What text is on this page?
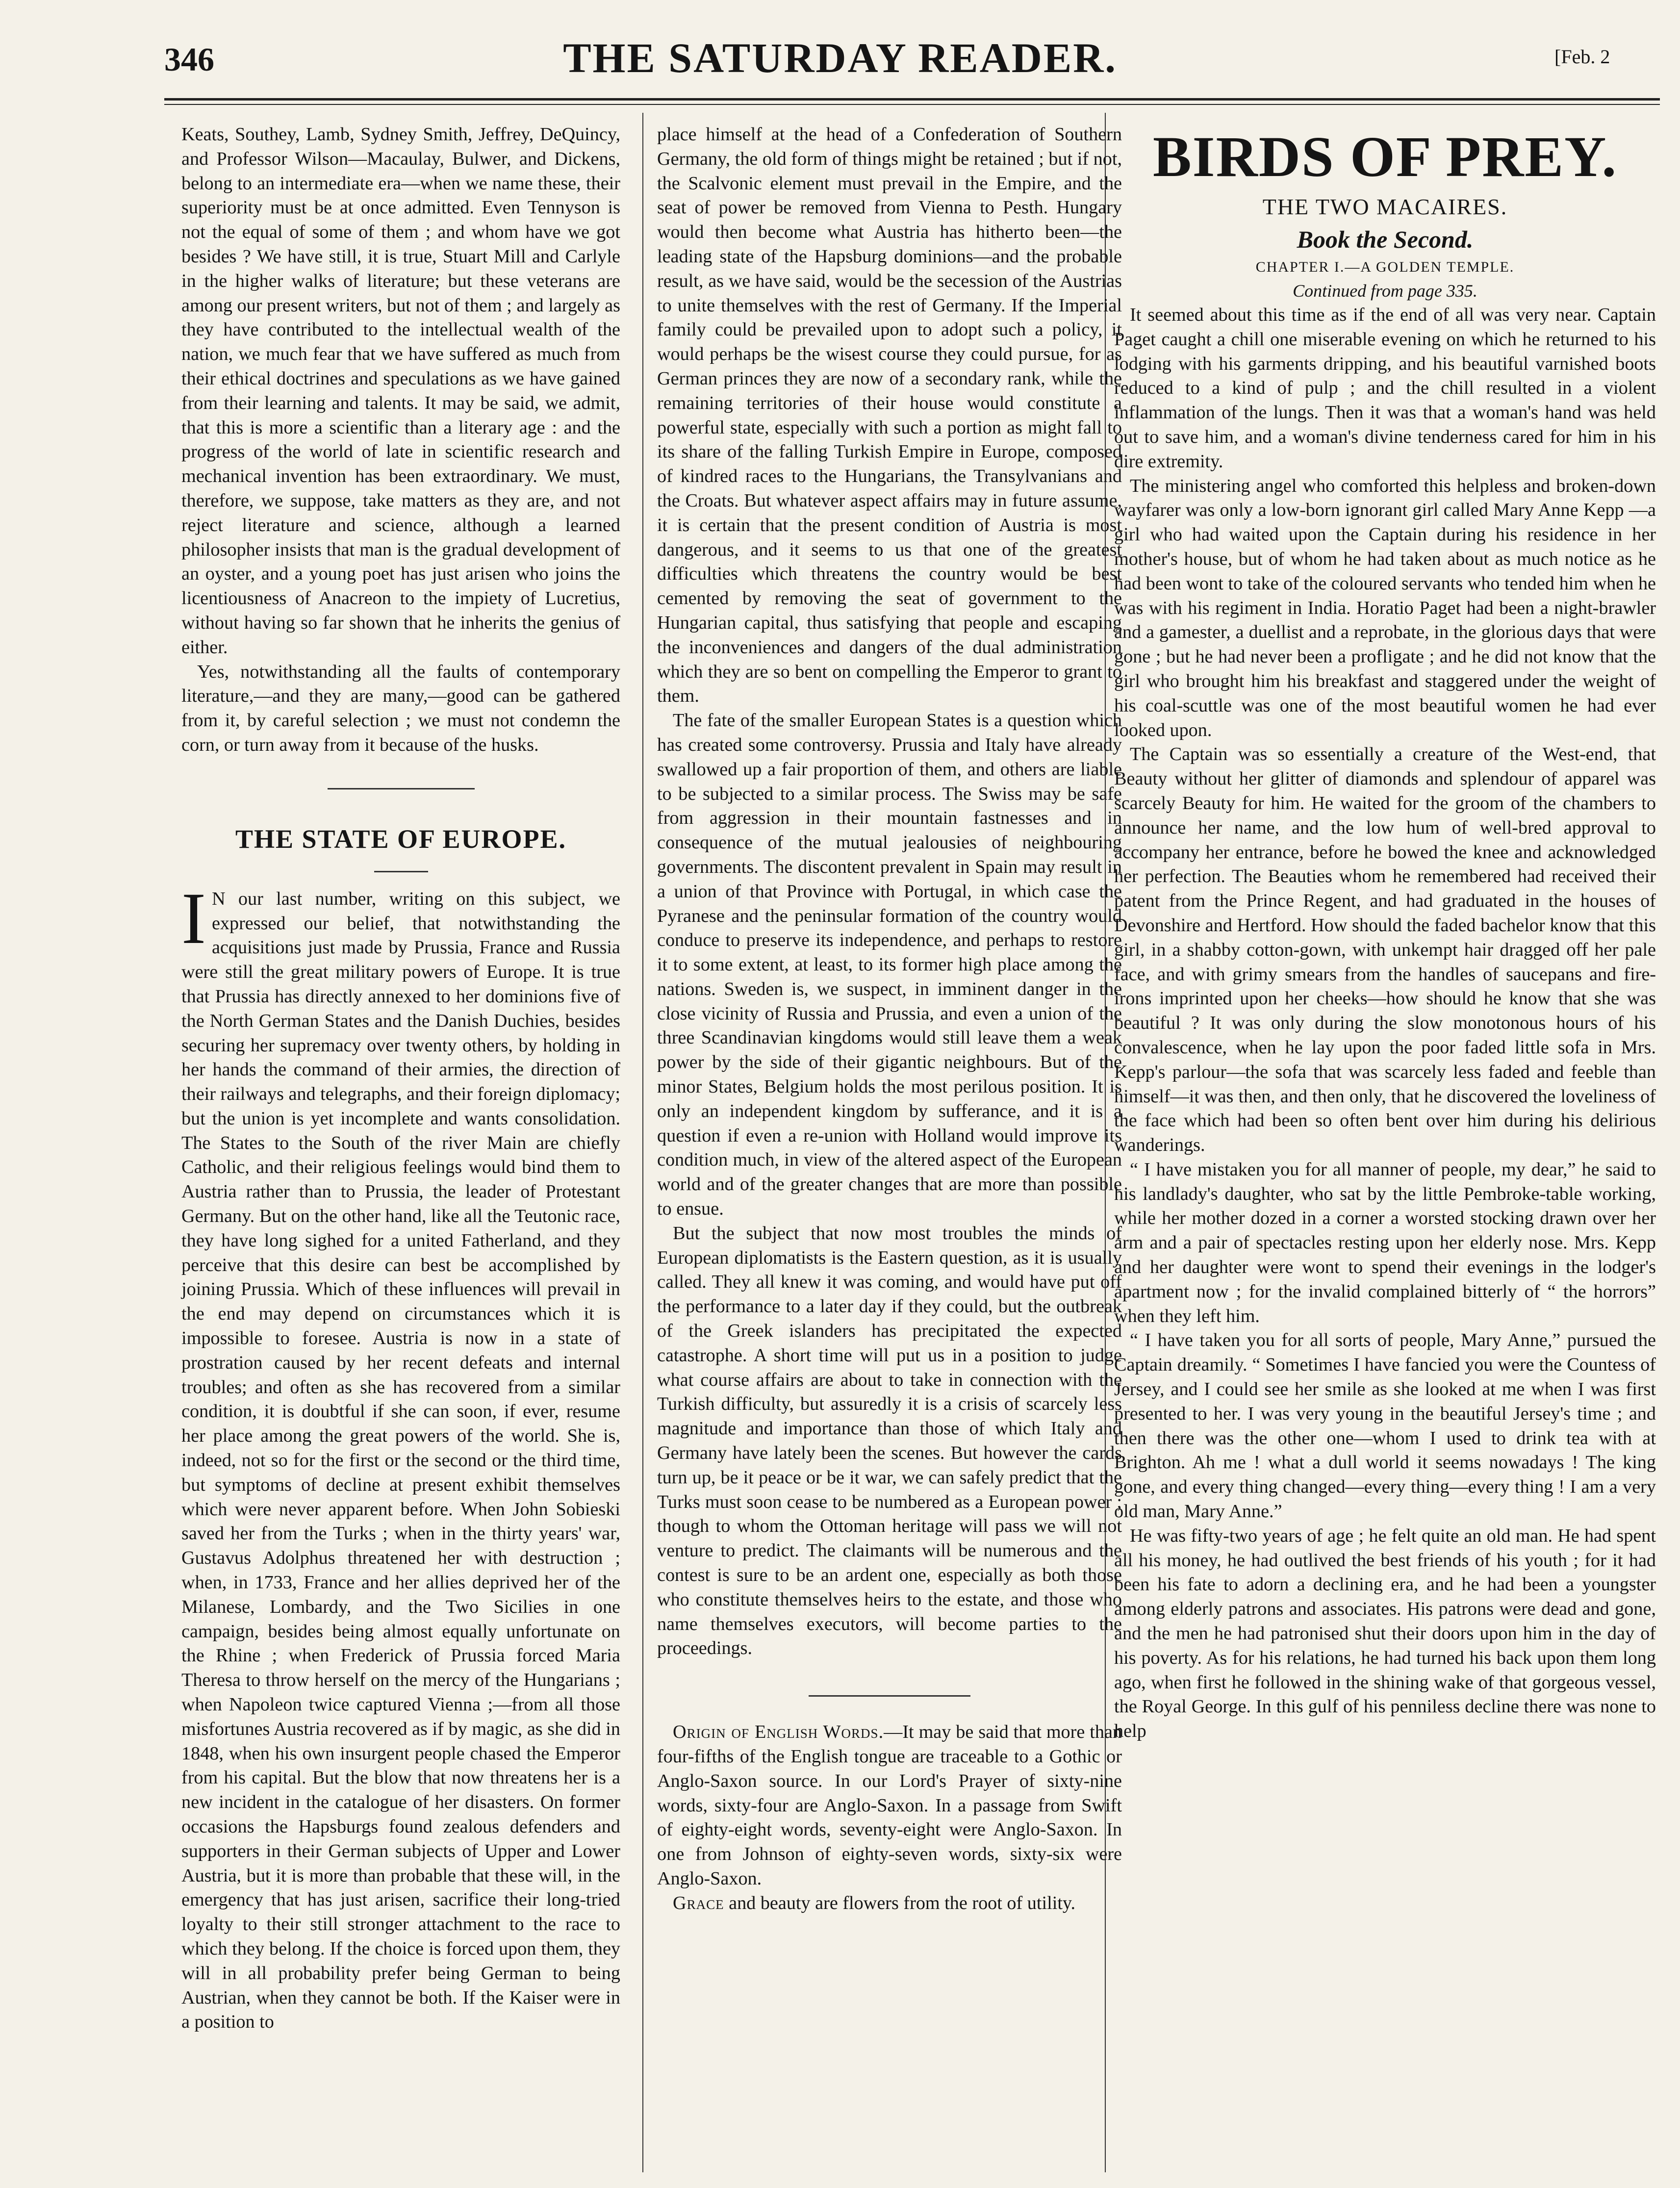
346	THE SATURDAY READER.	[Feb. 2

Keats, Southey, Lamb, Sydney Smith, Jeffrey, DeQuincy, and Professor Wilson—Macaulay, Bulwer, and Dickens, belong to an intermediate era—when we name these, their superiority must be at once admitted. Even Tennyson is not the equal of some of them ; and whom have we got besides ? We have still, it is true, Stuart Mill and Carlyle in the higher walks of literature; but these veterans are among our present writers, but not of them ; and largely as they have contributed to the intellectual wealth of the nation, we much fear that we have suffered as much from their ethical doctrines and speculations as we have gained from their learning and talents. It may be said, we admit, that this is more a scientific than a literary age : and the progress of the world of late in scientific research and mechanical invention has been extraordinary. We must, therefore, we suppose, take matters as they are, and not reject literature and science, although a learned philosopher insists that man is the gradual development of an oyster, and a young poet has just arisen who joins the licentiousness of Anacreon to the impiety of Lucretius, without having so far shown that he inherits the genius of either.

Yes, notwithstanding all the faults of contemporary literature,—and they are many,—good can be gathered from it, by careful selection ; we must not condemn the corn, or turn away from it because of the husks.

THE STATE OF EUROPE.

I N our last number, writing on this subject, we expressed our belief, that notwithstanding the acquisitions just made by Prussia, France and Russia were still the great military powers of Europe. It is true that Prussia has directly annexed to her dominions five of the North German States and the Danish Duchies, besides securing her supremacy over twenty others, by holding in her hands the command of their armies, the direction of their railways and telegraphs, and their foreign diplomacy; but the union is yet incomplete and wants consolidation. The States to the South of the river Main are chiefly Catholic, and their religious feelings would bind them to Austria rather than to Prussia, the leader of Protestant Germany. But on the other hand, like all the Teutonic race, they have long sighed for a united Fatherland, and they perceive that this desire can best be accomplished by joining Prussia. Which of these influences will prevail in the end may depend on circumstances which it is impossible to foresee. Austria is now in a state of prostration caused by her recent defeats and internal troubles; and often as she has recovered from a similar condition, it is doubtful if she can soon, if ever, resume her place among the great powers of the world. She is, indeed, not so for the first or the second or the third time, but symptoms of decline at present exhibit themselves which were never apparent before. When John Sobieski saved her from the Turks ; when in the thirty years' war, Gustavus Adolphus threatened her with destruction ; when, in 1733, France and her allies deprived her of the Milanese, Lombardy, and the Two Sicilies in one campaign, besides being almost equally unfortunate on the Rhine ; when Frederick of Prussia forced Maria Theresa to throw herself on the mercy of the Hungarians ; when Napoleon twice captured Vienna ;—from all those misfortunes Austria recovered as if by magic, as she did in 1848, when his own insurgent people chased the Emperor from his capital. But the blow that now threatens her is a new incident in the catalogue of her disasters. On former occasions the Hapsburgs found zealous defenders and supporters in their German subjects of Upper and Lower Austria, but it is more than probable that these will, in the emergency that has just arisen, sacrifice their long-tried loyalty to their still stronger attachment to the race to which they belong. If the choice is forced upon them, they will in all probability prefer being German to being Austrian, when they cannot be both. If the Kaiser were in a position to

place himself at the head of a Confederation of Southern Germany, the old form of things might be retained ; but if not, the Scalvonic element must prevail in the Empire, and the seat of power be removed from Vienna to Pesth. Hungary would then become what Austria has hitherto been—the leading state of the Hapsburg dominions—and the probable result, as we have said, would be the secession of the Austrias to unite themselves with the rest of Germany. If the Imperial family could be prevailed upon to adopt such a policy, it would perhaps be the wisest course they could pursue, for as German princes they are now of a secondary rank, while the remaining territories of their house would constitute a powerful state, especially with such a portion as might fall to its share of the falling Turkish Empire in Europe, composed of kindred races to the Hungarians, the Transylvanians and the Croats. But whatever aspect affairs may in future assume, it is certain that the present condition of Austria is most dangerous, and it seems to us that one of the greatest difficulties which threatens the country would be best cemented by removing the seat of government to the Hungarian capital, thus satisfying that people and escaping the inconveniences and dangers of the dual administration which they are so bent on compelling the Emperor to grant to them.

The fate of the smaller European States is a question which has created some controversy. Prussia and Italy have already swallowed up a fair proportion of them, and others are liable to be subjected to a similar process. The Swiss may be safe from aggression in their mountain fastnesses and in consequence of the mutual jealousies of neighbouring governments. The discontent prevalent in Spain may result in a union of that Province with Portugal, in which case the Pyranese and the peninsular formation of the country would conduce to preserve its independence, and perhaps to restore it to some extent, at least, to its former high place among the nations. Sweden is, we suspect, in imminent danger in the close vicinity of Russia and Prussia, and even a union of the three Scandinavian kingdoms would still leave them a weak power by the side of their gigantic neighbours. But of the minor States, Belgium holds the most perilous position. It is only an independent kingdom by sufferance, and it is a question if even a re-union with Holland would improve its condition much, in view of the altered aspect of the European world and of the greater changes that are more than possible to ensue.

But the subject that now most troubles the minds of European diplomatists is the Eastern question, as it is usually called. They all knew it was coming, and would have put off the performance to a later day if they could, but the outbreak of the Greek islanders has precipitated the expected catastrophe. A short time will put us in a position to judge what course affairs are about to take in connection with the Turkish difficulty, but assuredly it is a crisis of scarcely less magnitude and importance than those of which Italy and Germany have lately been the scenes. But however the cards turn up, be it peace or be it war, we can safely predict that the Turks must soon cease to be numbered as a European power ; though to whom the Ottoman heritage will pass we will not venture to predict. The claimants will be numerous and the contest is sure to be an ardent one, especially as both those who constitute themselves heirs to the estate, and those who name themselves executors, will become parties to the proceedings.

Origin of English Words.—It may be said that more than four-fifths of the English tongue are traceable to a Gothic or Anglo-Saxon source. In our Lord's Prayer of sixty-nine words, sixty-four are Anglo-Saxon. In a passage from Swift of eighty-eight words, seventy-eight were Anglo-Saxon. In one from Johnson of eighty-seven words, sixty-six were Anglo-Saxon.

Grace and beauty are flowers from the root of utility.

BIRDS OF PREY.

THE TWO MACAIRES.

Book the Second.

CHAPTER I.—A GOLDEN TEMPLE.

Continued from page 335.

It seemed about this time as if the end of all was very near. Captain Paget caught a chill one miserable evening on which he returned to his lodging with his garments dripping, and his beautiful varnished boots reduced to a kind of pulp ; and the chill resulted in a violent inflammation of the lungs. Then it was that a woman's hand was held out to save him, and a woman's divine tenderness cared for him in his dire extremity.

The ministering angel who comforted this helpless and broken-down wayfarer was only a low-born ignorant girl called Mary Anne Kepp —a girl who had waited upon the Captain during his residence in her mother's house, but of whom he had taken about as much notice as he had been wont to take of the coloured servants who tended him when he was with his regiment in India. Horatio Paget had been a night-brawler and a gamester, a duellist and a reprobate, in the glorious days that were gone ; but he had never been a profligate ; and he did not know that the girl who brought him his breakfast and staggered under the weight of his coal-scuttle was one of the most beautiful women he had ever looked upon.

The Captain was so essentially a creature of the West-end, that Beauty without her glitter of diamonds and splendour of apparel was scarcely Beauty for him. He waited for the groom of the chambers to announce her name, and the low hum of well-bred approval to accompany her entrance, before he bowed the knee and acknowledged her perfection. The Beauties whom he remembered had received their patent from the Prince Regent, and had graduated in the houses of Devonshire and Hertford. How should the faded bachelor know that this girl, in a shabby cotton-gown, with unkempt hair dragged off her pale face, and with grimy smears from the handles of saucepans and fire-irons imprinted upon her cheeks—how should he know that she was beautiful ? It was only during the slow monotonous hours of his convalescence, when he lay upon the poor faded little sofa in Mrs. Kepp's parlour—the sofa that was scarcely less faded and feeble than himself—it was then, and then only, that he discovered the loveliness of the face which had been so often bent over him during his delirious wanderings.

“ I have mistaken you for all manner of people, my dear,” he said to his landlady's daughter, who sat by the little Pembroke-table working, while her mother dozed in a corner a worsted stocking drawn over her arm and a pair of spectacles resting upon her elderly nose. Mrs. Kepp and her daughter were wont to spend their evenings in the lodger's apartment now ; for the invalid complained bitterly of “ the horrors” when they left him.

“ I have taken you for all sorts of people, Mary Anne,” pursued the Captain dreamily. “ Sometimes I have fancied you were the Countess of Jersey, and I could see her smile as she looked at me when I was first presented to her. I was very young in the beautiful Jersey's time ; and then there was the other one—whom I used to drink tea with at Brighton. Ah me ! what a dull world it seems nowadays ! The king gone, and every thing changed—every thing—every thing ! I am a very old man, Mary Anne.”

He was fifty-two years of age ; he felt quite an old man. He had spent all his money, he had outlived the best friends of his youth ; for it had been his fate to adorn a declining era, and he had been a youngster among elderly patrons and associates. His patrons were dead and gone, and the men he had patronised shut their doors upon him in the day of his poverty. As for his relations, he had turned his back upon them long ago, when first he followed in the shining wake of that gorgeous vessel, the Royal George. In this gulf of his penniless decline there was none to help
